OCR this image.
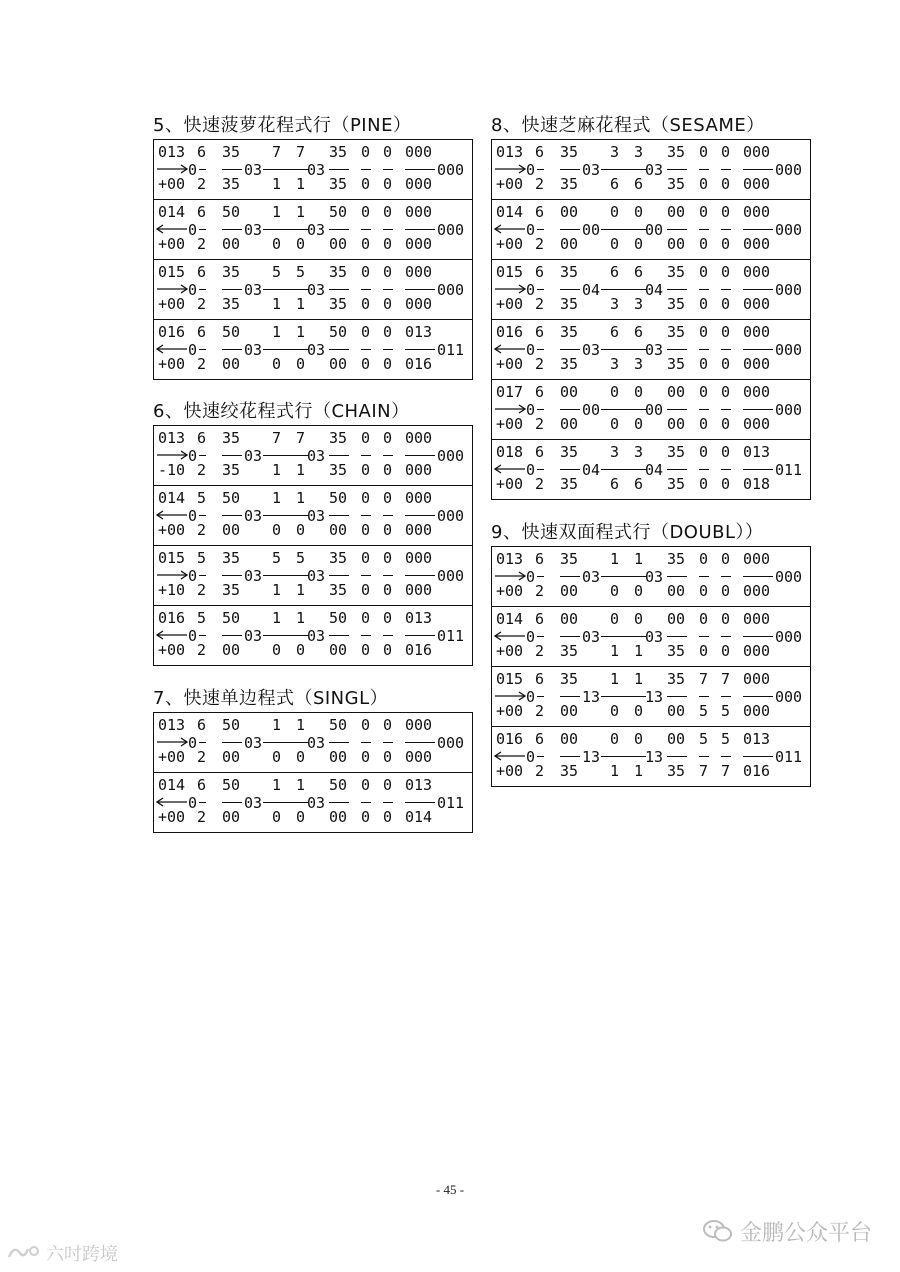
5、快速菠萝花程式行（PINE）
013
+00
0
6
2
35
35
03
7
1
7
1
03
35
35
0
0
0
0
000
000
000
014
+00
0
6
2
50
00
03
1
0
1
0
03
50
00
0
0
0
0
000
000
000
015
+00
0
6
2
35
35
03
5
1
5
1
03
35
35
0
0
0
0
000
000
000
016
+00
0
6
2
50
00
03
1
0
1
0
03
50
00
0
0
0
0
013
016
011
6、快速绞花程式行（CHAIN）
013
-10
0
6
2
35
35
03
7
1
7
1
03
35
35
0
0
0
0
000
000
000
014
+00
0
5
2
50
00
03
1
0
1
0
03
50
00
0
0
0
0
000
000
000
015
+10
0
5
2
35
35
03
5
1
5
1
03
35
35
0
0
0
0
000
000
000
016
+00
0
5
2
50
00
03
1
0
1
0
03
50
00
0
0
0
0
013
016
011
7、快速单边程式（SINGL）
013
+00
0
6
2
50
00
03
1
0
1
0
03
50
00
0
0
0
0
000
000
000
014
+00
0
6
2
50
00
03
1
0
1
0
03
50
00
0
0
0
0
013
014
011
8、快速芝麻花程式（SESAME）
013
+00
0
6
2
35
35
03
3
6
3
6
03
35
35
0
0
0
0
000
000
000
014
+00
0
6
2
00
00
00
0
0
0
0
00
00
00
0
0
0
0
000
000
000
015
+00
0
6
2
35
35
04
6
3
6
3
04
35
35
0
0
0
0
000
000
000
016
+00
0
6
2
35
35
03
6
3
6
3
03
35
35
0
0
0
0
000
000
000
017
+00
0
6
2
00
00
00
0
0
0
0
00
00
00
0
0
0
0
000
000
000
018
+00
0
6
2
35
35
04
3
6
3
6
04
35
35
0
0
0
0
013
018
011
9、快速双面程式行（DOUBL））
013
+00
0
6
2
35
00
03
1
0
1
0
03
35
00
0
0
0
0
000
000
000
014
+00
0
6
2
00
35
03
0
1
0
1
03
00
35
0
0
0
0
000
000
000
015
+00
0
6
2
35
00
13
1
0
1
0
13
35
00
7
5
7
5
000
000
000
016
+00
0
6
2
00
35
13
0
1
0
1
13
00
35
5
7
5
7
013
016
011
- 45 -
六吋跨境
金鹏公众平台
